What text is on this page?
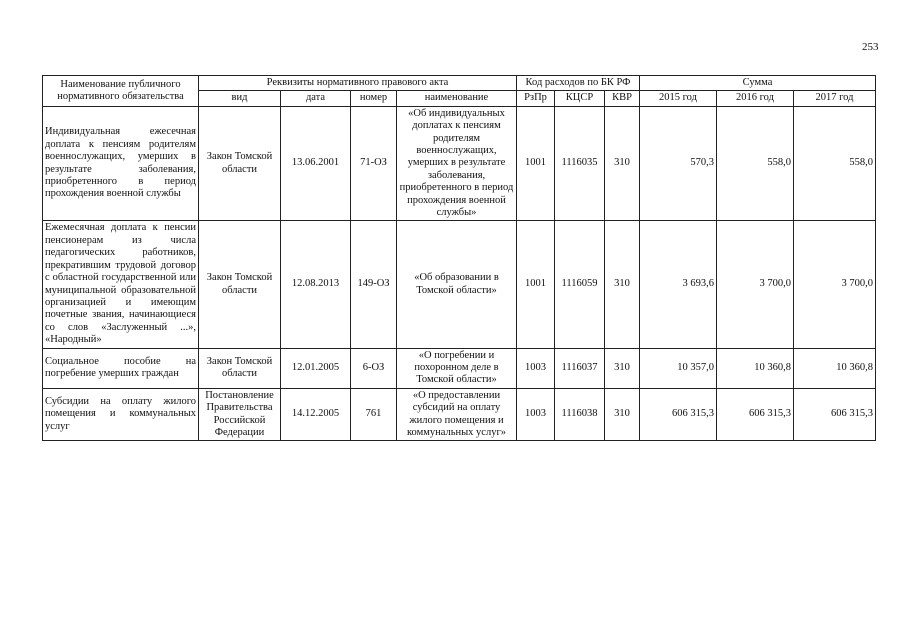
253
Наименование публичного нормативного обязательства	Реквизиты нормативного правового акта				Код расходов по БК РФ			Сумма		
	вид	дата	номер	наименование	РзПр	КЦСР	КВР	2015 год	2016 год	2017 год
Индивидуальная ежесечная доплата к пенсиям родителям военнослужащих, умерших в результате заболевания, приобретенного в период прохождения военной службы	Закон Томской области	13.06.2001	71-ОЗ	«Об индивидуальных доплатах к пенсиям родителям военнослужащих, умерших в результате заболевания, приобретенного в период прохождения военной службы»	1001	1116035	310	570,3	558,0	558,0
Ежемесячная доплата к пенсии пенсионерам из числа педагогических работников, прекратившим трудовой договор с областной государственной или муниципальной образовательной организацией и имеющим почетные звания, начинающиеся со слов «Заслуженный ...», «Народный»	Закон Томской области	12.08.2013	149-ОЗ	«Об образовании в Томской области»	1001	1116059	310	3 693,6	3 700,0	3 700,0
Социальное пособие на погребение умерших граждан	Закон Томской области	12.01.2005	6-ОЗ	«О погребении и похоронном деле в Томской области»	1003	1116037	310	10 357,0	10 360,8	10 360,8
Субсидии на оплату жилого помещения и коммунальных услуг	Постановление Правительства Российской Федерации	14.12.2005	761	«О предоставлении субсидий на оплату жилого помещения и коммунальных услуг»	1003	1116038	310	606 315,3	606 315,3	606 315,3
